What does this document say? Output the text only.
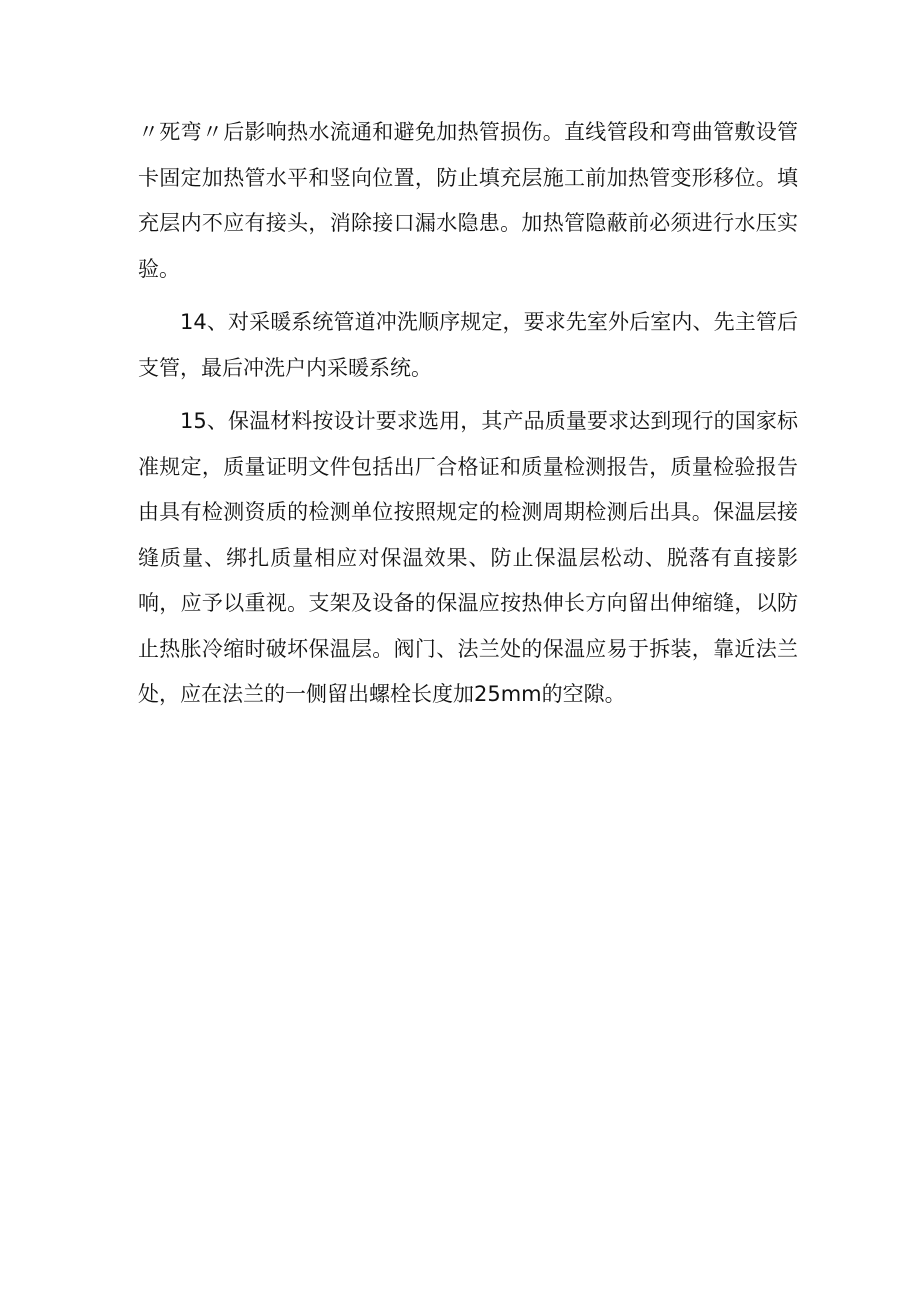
〃死弯〃后影响热水流通和避免加热管损伤。直线管段和弯曲管敷设管卡固定加热管水平和竖向位置，防止填充层施工前加热管变形移位。填充层内不应有接头，消除接口漏水隐患。加热管隐蔽前必须进行水压实验。

14、对采暖系统管道冲洗顺序规定，要求先室外后室内、先主管后支管，最后冲洗户内采暖系统。

15、保温材料按设计要求选用，其产品质量要求达到现行的国家标准规定，质量证明文件包括出厂合格证和质量检测报告，质量检验报告由具有检测资质的检测单位按照规定的检测周期检测后出具。保温层接缝质量、绑扎质量相应对保温效果、防止保温层松动、脱落有直接影响，应予以重视。支架及设备的保温应按热伸长方向留出伸缩缝，以防止热胀冷缩时破坏保温层。阀门、法兰处的保温应易于拆装，靠近法兰处，应在法兰的一侧留出螺栓长度加25mm的空隙。
